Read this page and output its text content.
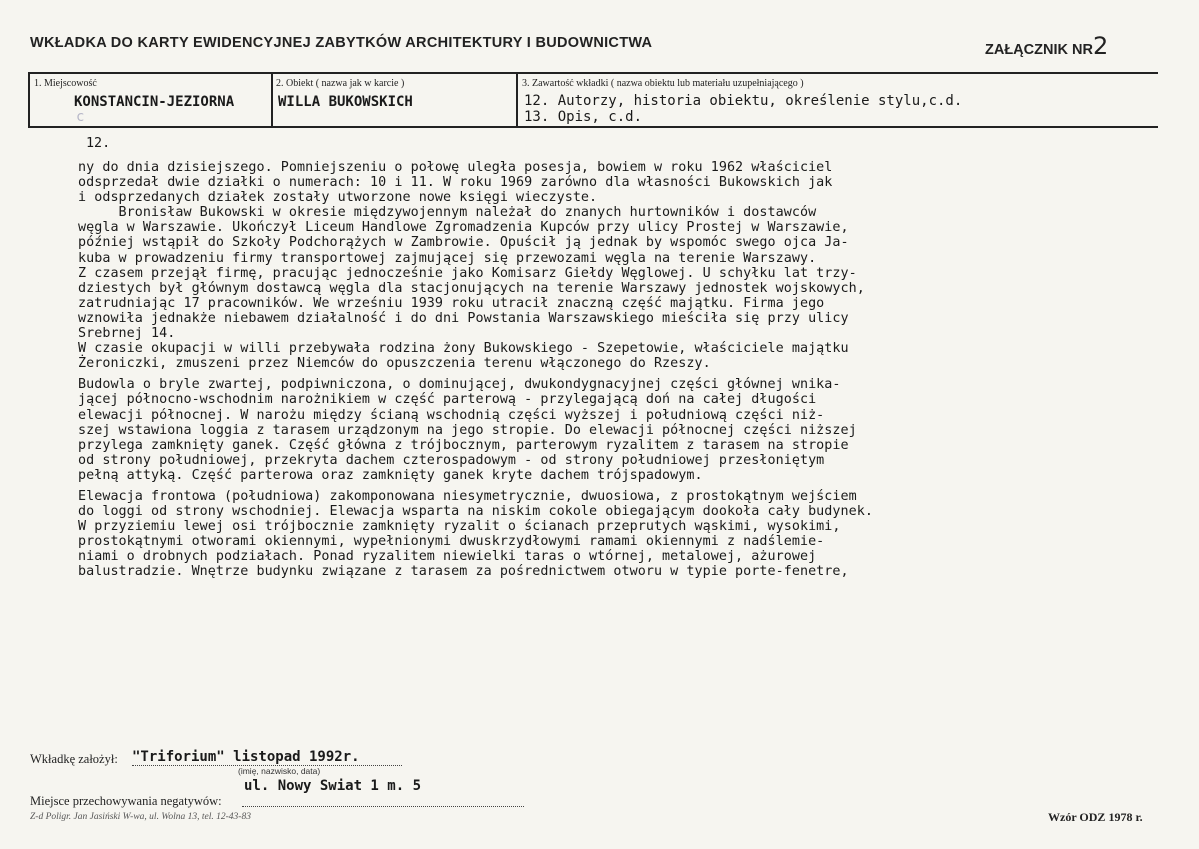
WKŁADKA DO KARTY EWIDENCYJNEJ ZABYTKÓW ARCHITEKTURY I BUDOWNICTWA	ZAŁĄCZNIK NR2
1. Miejscowość
KONSTANCIN-JEZIORNA
c
2. Obiekt ( nazwa jak w karcie )
WILLA BUKOWSKICH
3. Zawartość wkładki ( nazwa obiektu lub materiału uzupełniającego )
12. Autorzy, historia obiektu, określenie stylu,c.d.
13. Opis, c.d.
12.
ny do dnia dzisiejszego. Pomniejszeniu o połowę uległa posesja, bowiem w roku 1962 właściciel
odsprzedał dwie działki o numerach: 10 i 11. W roku 1969 zarówno dla własności Bukowskich jak
i odsprzedanych działek zostały utworzone nowe księgi wieczyste.
Bronisław Bukowski w okresie międzywojennym należał do znanych hurtowników i dostawców
węgla w Warszawie. Ukończył Liceum Handlowe Zgromadzenia Kupców przy ulicy Prostej w Warszawie,
później wstąpił do Szkoły Podchorążych w Zambrowie. Opuścił ją jednak by wspomóc swego ojca Ja-
kuba w prowadzeniu firmy transportowej zajmującej się przewozami węgla na terenie Warszawy.
Z czasem przejął firmę, pracując jednocześnie jako Komisarz Giełdy Węglowej. U schyłku lat trzy-
dziestych był głównym dostawcą węgla dla stacjonujących na terenie Warszawy jednostek wojskowych,
zatrudniając 17 pracowników. We wrześniu 1939 roku utracił znaczną część majątku. Firma jego
wznowiła jednakże niebawem działalność i do dni Powstania Warszawskiego mieściła się przy ulicy
Srebrnej 14.
W czasie okupacji w willi przebywała rodzina żony Bukowskiego - Szepetowie, właściciele majątku
Żeroniczki, zmuszeni przez Niemców do opuszczenia terenu włączonego do Rzeszy.
Budowla o bryle zwartej, podpiwniczona, o dominującej, dwukondygnacyjnej części głównej wnika-
jącej północno-wschodnim narożnikiem w część parterową - przylegającą doń na całej długości
elewacji północnej. W narożu między ścianą wschodnią części wyższej i południową części niż-
szej wstawiona loggia z tarasem urządzonym na jego stropie. Do elewacji północnej części niższej
przylega zamknięty ganek. Część główna z trójbocznym, parterowym ryzalitem z tarasem na stropie
od strony południowej, przekryta dachem czterospadowym - od strony południowej przesłoniętym
pełną attyką. Część parterowa oraz zamknięty ganek kryte dachem trójspadowym.
Elewacja frontowa (południowa) zakomponowana niesymetrycznie, dwuosiowa, z prostokątnym wejściem
do loggi od strony wschodniej. Elewacja wsparta na niskim cokole obiegającym dookoła cały budynek.
W przyziemiu lewej osi trójbocznie zamknięty ryzalit o ścianach przeprutych wąskimi, wysokimi,
prostokątnymi otworami okiennymi, wypełnionymi dwuskrzydłowymi ramami okiennymi z nadślemie-
niami o drobnych podziałach. Ponad ryzalitem niewielki taras o wtórnej, metalowej, ażurowej
balustradzie. Wnętrze budynku związane z tarasem za pośrednictwem otworu w typie porte-fenetre,
Wkładkę założył: "Triforium" listopad 1992r.
(imię, nazwisko, data)
ul. Nowy Swiat 1 m. 5
Miejsce przechowywania negatywów:
Z-d Poligr. Jan Jasiński W-wa, ul. Wolna 13, tel. 12-43-83	Wzór ODZ 1978 r.
